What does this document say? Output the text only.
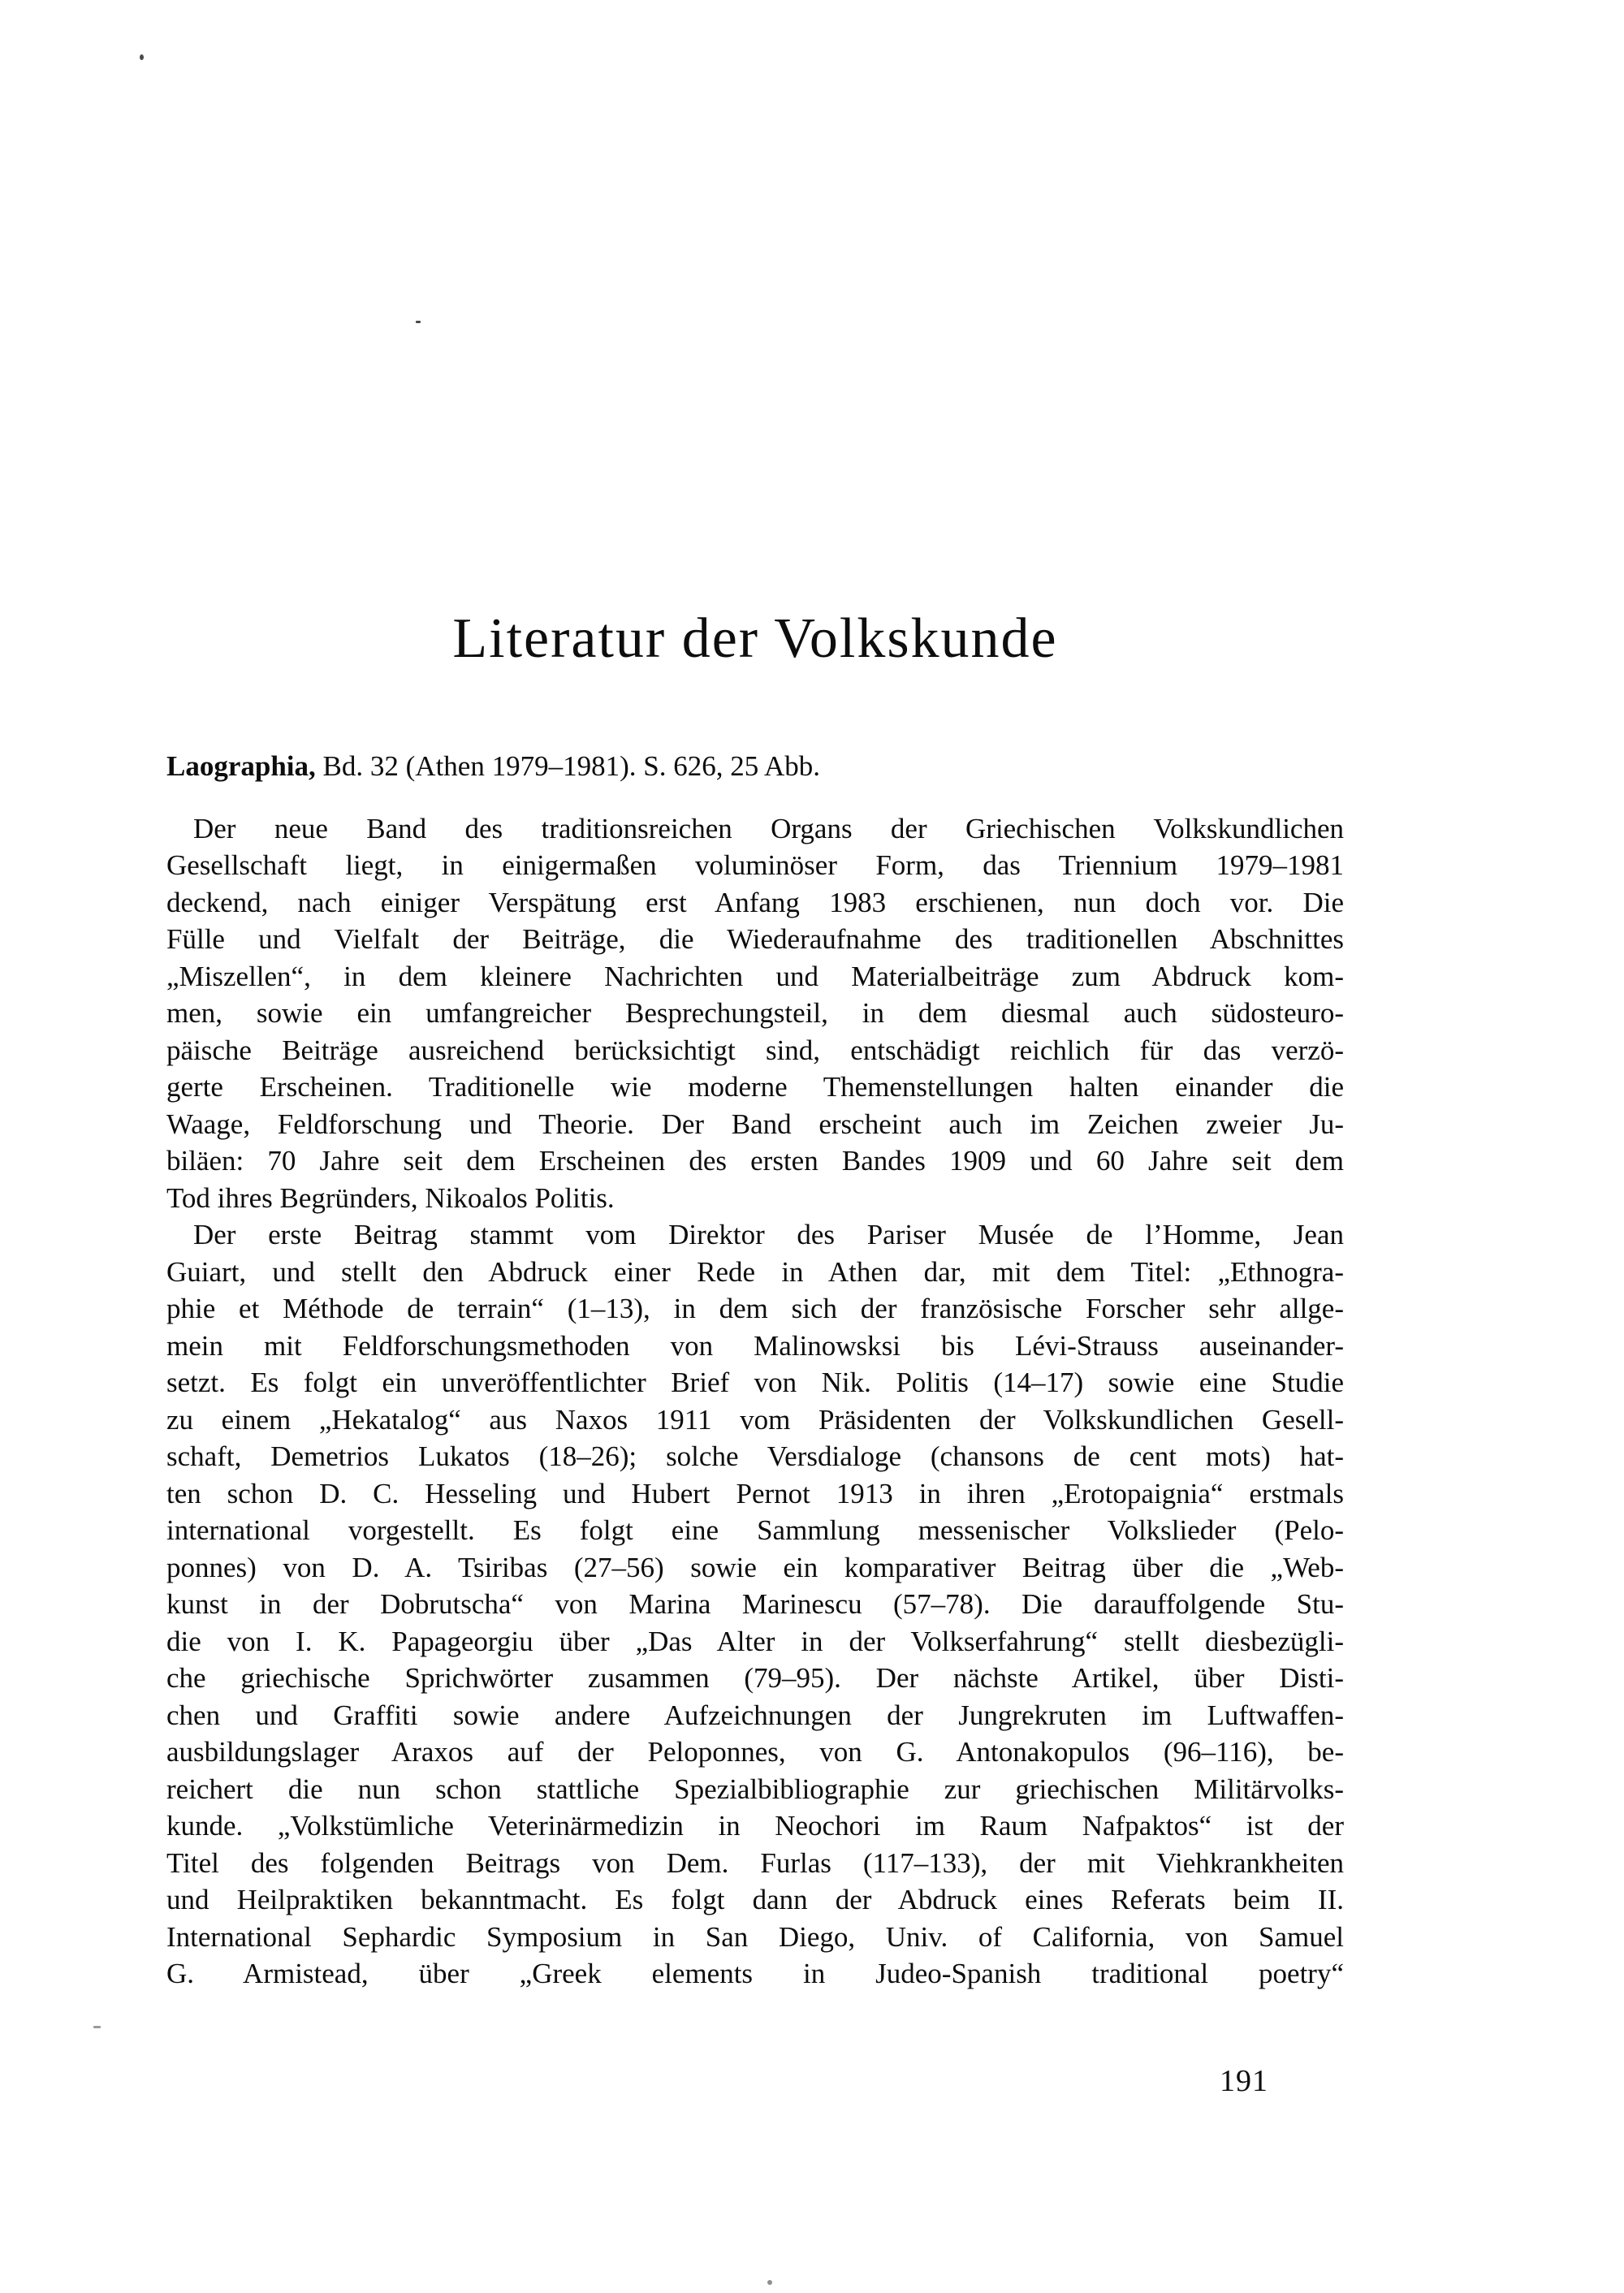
Literatur der Volkskunde
Laographia, Bd. 32 (Athen 1979–1981). S. 626, 25 Abb.
Der neue Band des traditionsreichen Organs der Griechischen Volkskundlichen
Gesellschaft liegt, in einigermaßen voluminöser Form, das Triennium 1979–1981
deckend, nach einiger Verspätung erst Anfang 1983 erschienen, nun doch vor. Die
Fülle und Vielfalt der Beiträge, die Wiederaufnahme des traditionellen Abschnittes
„Miszellen“, in dem kleinere Nachrichten und Materialbeiträge zum Abdruck kom-
men, sowie ein umfangreicher Besprechungsteil, in dem diesmal auch südosteuro-
päische Beiträge ausreichend berücksichtigt sind, entschädigt reichlich für das verzö-
gerte Erscheinen. Traditionelle wie moderne Themenstellungen halten einander die
Waage, Feldforschung und Theorie. Der Band erscheint auch im Zeichen zweier Ju-
biläen: 70 Jahre seit dem Erscheinen des ersten Bandes 1909 und 60 Jahre seit dem
Tod ihres Begründers, Nikoalos Politis.
Der erste Beitrag stammt vom Direktor des Pariser Musée de l’Homme, Jean
Guiart, und stellt den Abdruck einer Rede in Athen dar, mit dem Titel: „Ethnogra-
phie et Méthode de terrain“ (1–13), in dem sich der französische Forscher sehr allge-
mein mit Feldforschungsmethoden von Malinowsksi bis Lévi-Strauss auseinander-
setzt. Es folgt ein unveröffentlichter Brief von Nik. Politis (14–17) sowie eine Studie
zu einem „Hekatalog“ aus Naxos 1911 vom Präsidenten der Volkskundlichen Gesell-
schaft, Demetrios Lukatos (18–26); solche Versdialoge (chansons de cent mots) hat-
ten schon D. C. Hesseling und Hubert Pernot 1913 in ihren „Erotopaignia“ erstmals
international vorgestellt. Es folgt eine Sammlung messenischer Volkslieder (Pelo-
ponnes) von D. A. Tsiribas (27–56) sowie ein komparativer Beitrag über die „Web-
kunst in der Dobrutscha“ von Marina Marinescu (57–78). Die darauffolgende Stu-
die von I. K. Papageorgiu über „Das Alter in der Volkserfahrung“ stellt diesbezügli-
che griechische Sprichwörter zusammen (79–95). Der nächste Artikel, über Disti-
chen und Graffiti sowie andere Aufzeichnungen der Jungrekruten im Luftwaffen-
ausbildungslager Araxos auf der Peloponnes, von G. Antonakopulos (96–116), be-
reichert die nun schon stattliche Spezialbibliographie zur griechischen Militärvolks-
kunde. „Volkstümliche Veterinärmedizin in Neochori im Raum Nafpaktos“ ist der
Titel des folgenden Beitrags von Dem. Furlas (117–133), der mit Viehkrankheiten
und Heilpraktiken bekanntmacht. Es folgt dann der Abdruck eines Referats beim II.
International Sephardic Symposium in San Diego, Univ. of California, von Samuel
G. Armistead, über „Greek elements in Judeo-Spanish traditional poetry“
191
